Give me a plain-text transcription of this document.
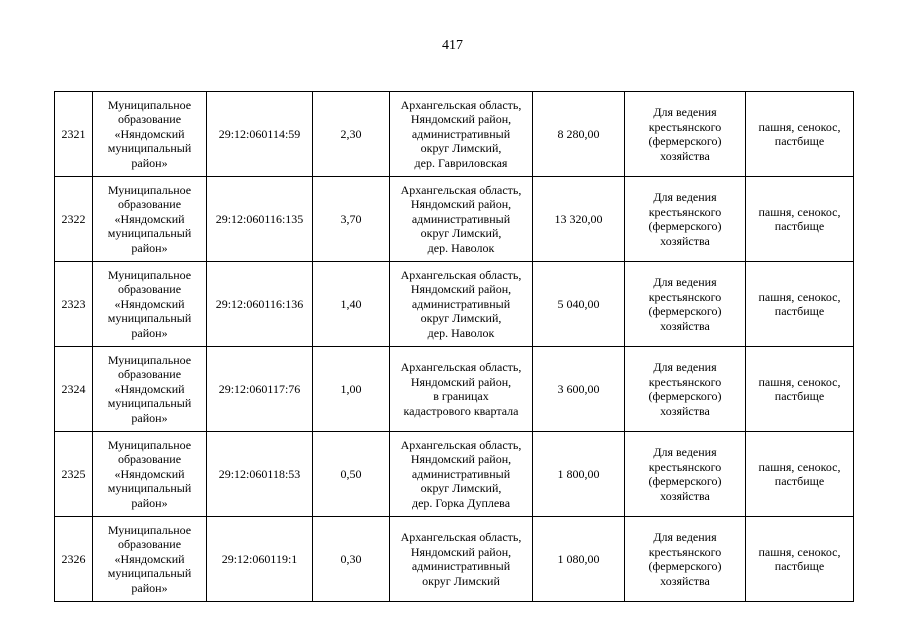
417
2321	Муниципальное
образование
«Няндомский
муниципальный
район»	29:12:060114:59	2,30	Архангельская область,
Няндомский район,
административный
округ Лимский,
дер. Гавриловская	8 280,00	Для ведения
крестьянского
(фермерского)
хозяйства	пашня, сенокос,
пастбище
2322	Муниципальное
образование
«Няндомский
муниципальный
район»	29:12:060116:135	3,70	Архангельская область,
Няндомский район,
административный
округ Лимский,
дер. Наволок	13 320,00	Для ведения
крестьянского
(фермерского)
хозяйства	пашня, сенокос,
пастбище
2323	Муниципальное
образование
«Няндомский
муниципальный
район»	29:12:060116:136	1,40	Архангельская область,
Няндомский район,
административный
округ Лимский,
дер. Наволок	5 040,00	Для ведения
крестьянского
(фермерского)
хозяйства	пашня, сенокос,
пастбище
2324	Муниципальное
образование
«Няндомский
муниципальный
район»	29:12:060117:76	1,00	Архангельская область,
Няндомский район,
в границах
кадастрового квартала	3 600,00	Для ведения
крестьянского
(фермерского)
хозяйства	пашня, сенокос,
пастбище
2325	Муниципальное
образование
«Няндомский
муниципальный
район»	29:12:060118:53	0,50	Архангельская область,
Няндомский район,
административный
округ Лимский,
дер. Горка Дуплева	1 800,00	Для ведения
крестьянского
(фермерского)
хозяйства	пашня, сенокос,
пастбище
2326	Муниципальное
образование
«Няндомский
муниципальный
район»	29:12:060119:1	0,30	Архангельская область,
Няндомский район,
административный
округ Лимский	1 080,00	Для ведения
крестьянского
(фермерского)
хозяйства	пашня, сенокос,
пастбище
